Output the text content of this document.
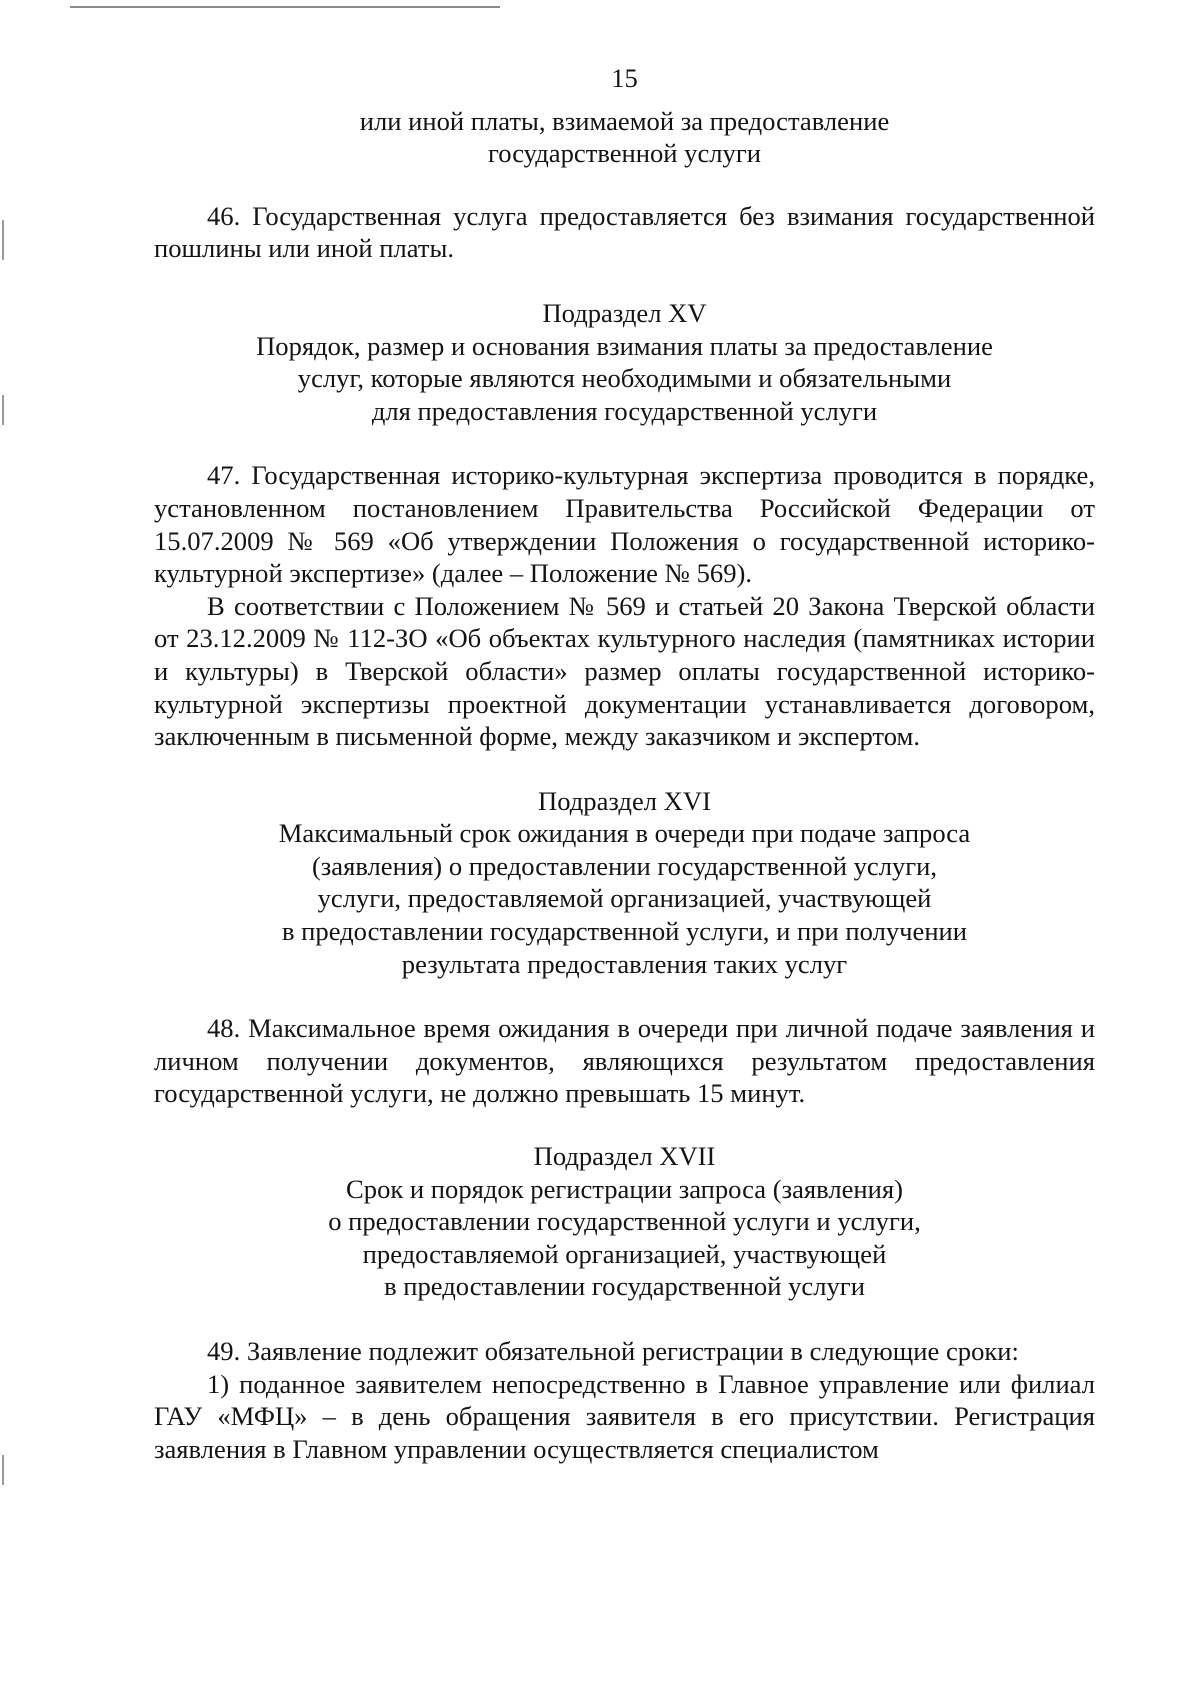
15

или иной платы, взимаемой за предоставление

государственной услуги

46. Государственная услуга предоставляется без взимания государственной пошлины или иной платы.

Подраздел XV

Порядок, размер и основания взимания платы за предоставление

услуг, которые являются необходимыми и обязательными

для предоставления государственной услуги

47. Государственная историко-культурная экспертиза проводится в порядке, установленном постановлением Правительства Российской Федерации от 15.07.2009 № 569 «Об утверждении Положения о государственной историко-культурной экспертизе» (далее – Положение № 569).

В соответствии с Положением № 569 и статьей 20 Закона Тверской области от 23.12.2009 № 112-ЗО «Об объектах культурного наследия (памятниках истории и культуры) в Тверской области» размер оплаты государственной историко-культурной экспертизы проектной документации устанавливается договором, заключенным в письменной форме, между заказчиком и экспертом.

Подраздел XVI

Максимальный срок ожидания в очереди при подаче запроса

(заявления) о предоставлении государственной услуги,

услуги, предоставляемой организацией, участвующей

в предоставлении государственной услуги, и при получении

результата предоставления таких услуг

48. Максимальное время ожидания в очереди при личной подаче заявления и личном получении документов, являющихся результатом предоставления государственной услуги, не должно превышать 15 минут.

Подраздел XVII

Срок и порядок регистрации запроса (заявления)

о предоставлении государственной услуги и услуги,

предоставляемой организацией, участвующей

в предоставлении государственной услуги

49. Заявление подлежит обязательной регистрации в следующие сроки:

1) поданное заявителем непосредственно в Главное управление или филиал ГАУ «МФЦ» – в день обращения заявителя в его присутствии. Регистрация заявления в Главном управлении осуществляется специалистом
